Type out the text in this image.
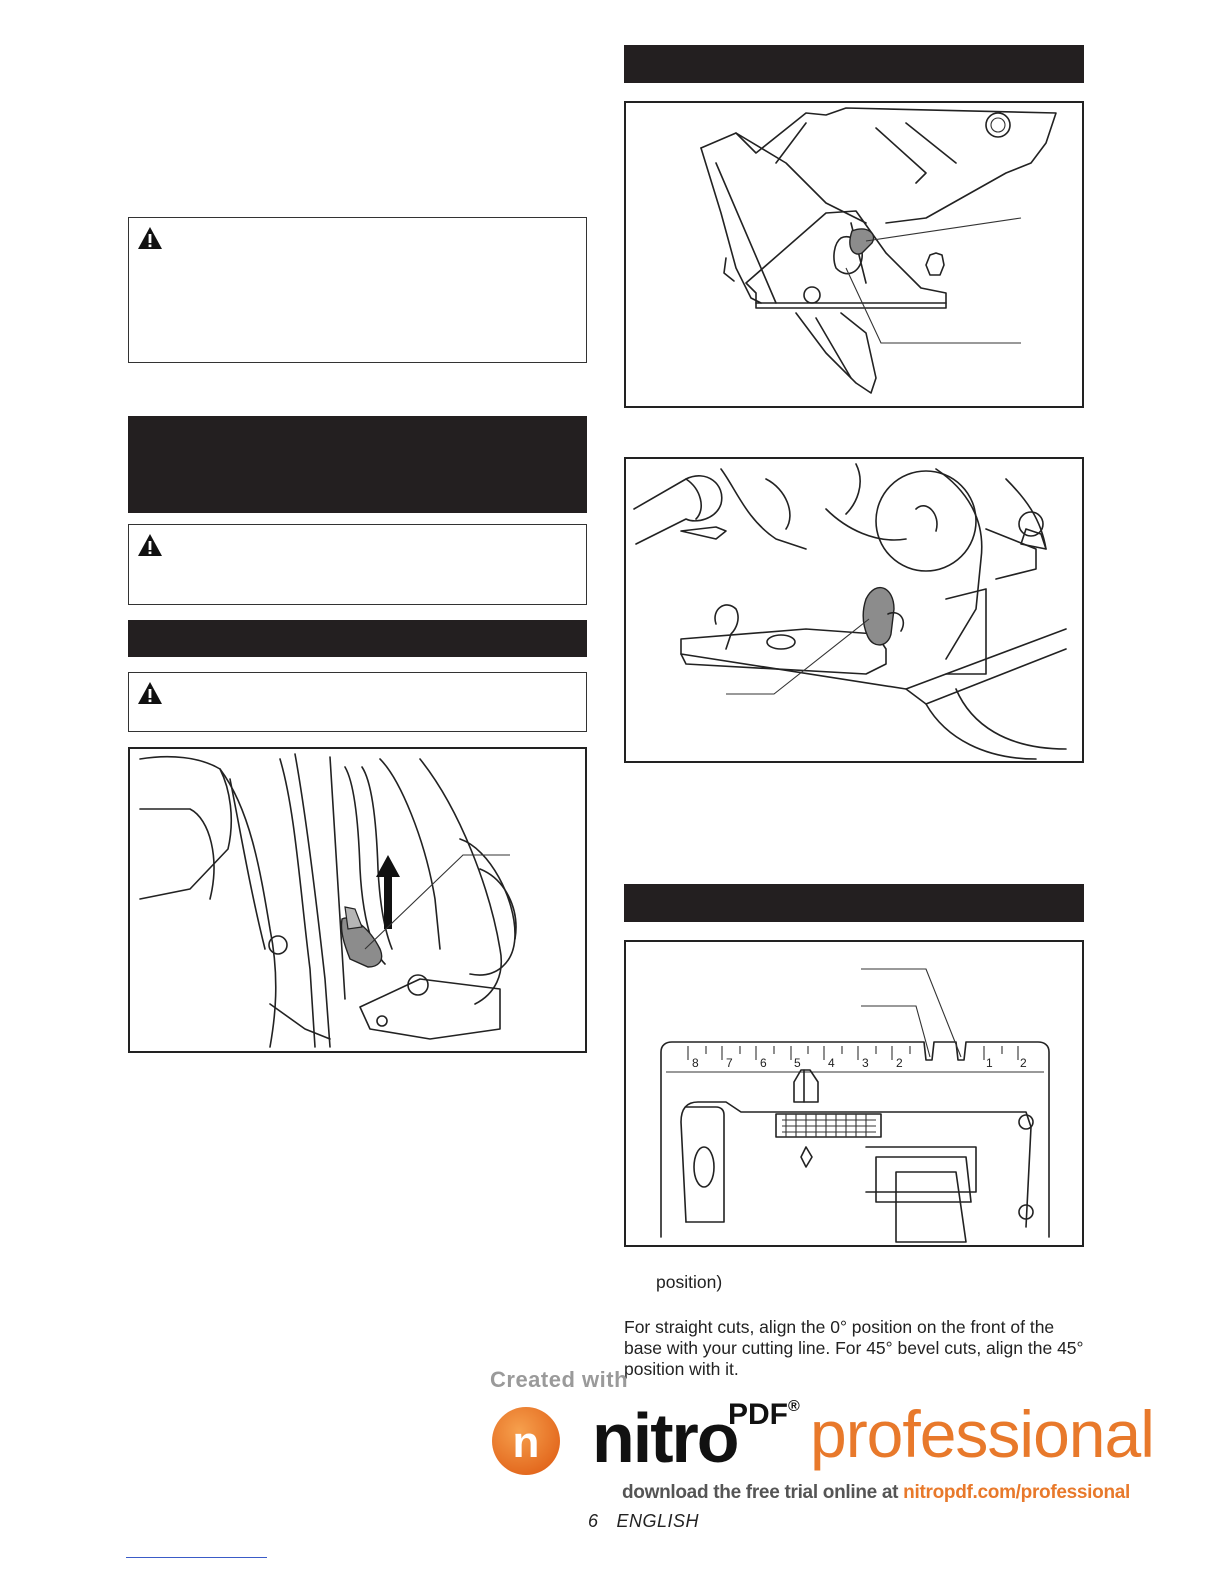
8 7 6 5 4 3 2	1 2
position)
For straight cuts, align the 0° position on the front of the base with your cutting line. For 45° bevel cuts, align the 45° position with it.
Created with
n nitro
PDF® professional
download the free trial online at nitropdf.com/professional
6 ENGLISH
